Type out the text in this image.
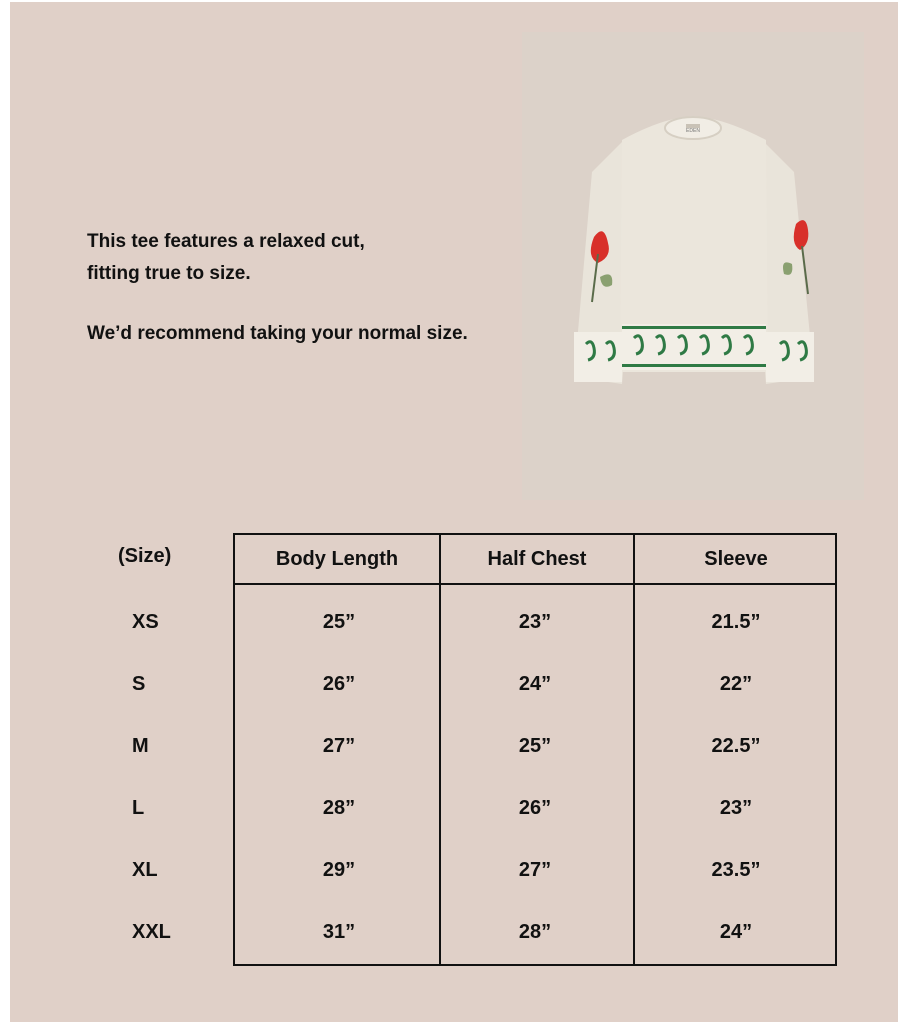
This tee features a relaxed cut,

fitting true to size.

We’d recommend taking your normal size.

EDEN
(Size)	Body Length	Half Chest	Sleeve
XS	25”	23”	21.5”
S	26”	24”	22”
M	27”	25”	22.5”
L	28”	26”	23”
XL	29”	27”	23.5”
XXL	31”	28”	24”
